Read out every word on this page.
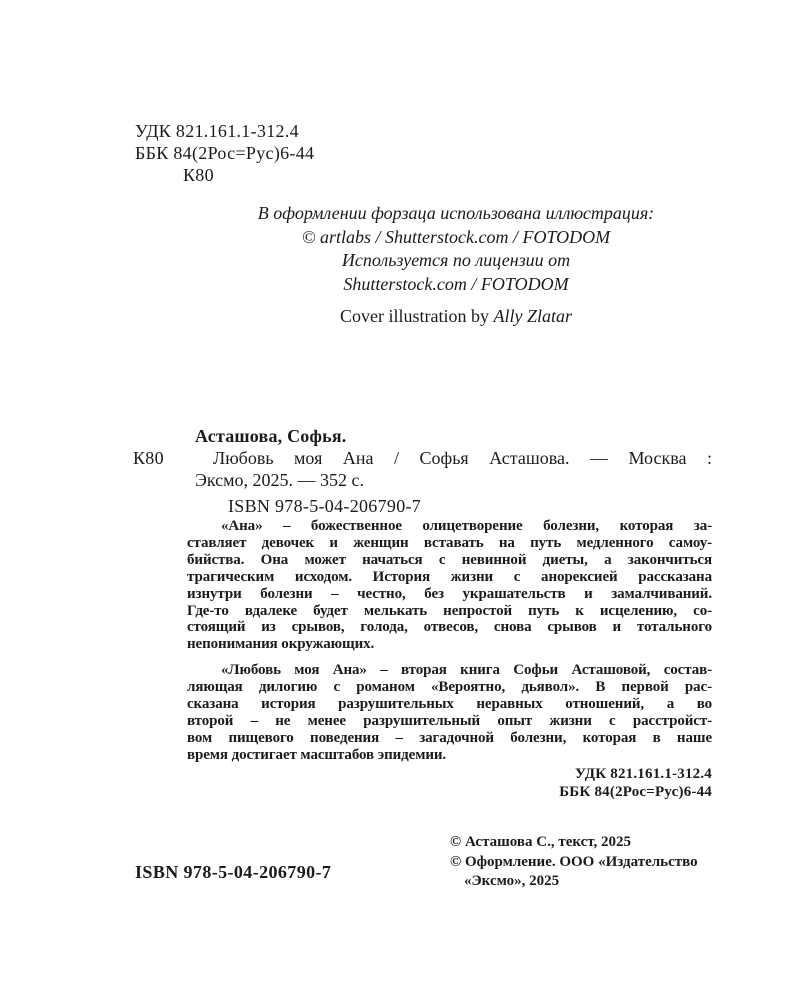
УДК 821.161.1-312.4
ББК 84(2Рос=Рус)6-44
К80
В оформлении форзаца использована иллюстрация:
© artlabs / Shutterstock.com / FOTODOM
Используется по лицензии от
Shutterstock.com / FOTODOM
Cover illustration by Ally Zlatar
К80
Асташова, Софья.
Любовь моя Ана / Софья Асташова. — Москва :
Эксмо, 2025. — 352 с.
ISBN 978-5-04-206790-7
«Ана» – божественное олицетворение болезни, которая за-
ставляет девочек и женщин вставать на путь медленного самоу-
бийства. Она может начаться с невинной диеты, а закончиться
трагическим исходом. История жизни с анорексией рассказана
изнутри болезни – честно, без украшательств и замалчиваний.
Где-то вдалеке будет мелькать непростой путь к исцелению, со-
стоящий из срывов, голода, отвесов, снова срывов и тотального
непонимания окружающих.
«Любовь моя Ана» – вторая книга Софьи Асташовой, состав-
ляющая дилогию с романом «Вероятно, дьявол». В первой рас-
сказана история разрушительных неравных отношений, а во
второй – не менее разрушительный опыт жизни с расстройст-
вом пищевого поведения – загадочной болезни, которая в наше
время достигает масштабов эпидемии.
УДК 821.161.1-312.4
ББК 84(2Рос=Рус)6-44
© Асташова С., текст, 2025
© Оформление. ООО «Издательство
«Эксмо», 2025
ISBN 978-5-04-206790-7
